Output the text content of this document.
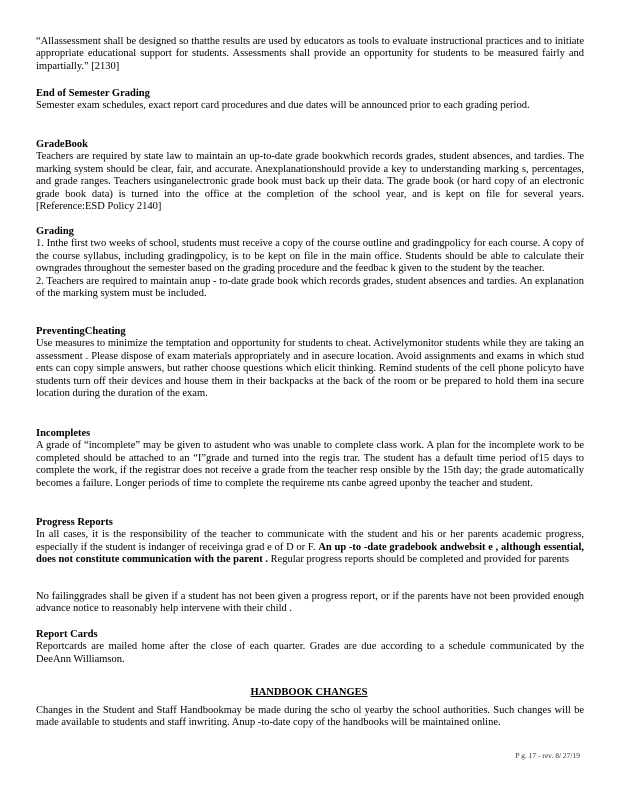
“Allassessment shall be designed so thatthe results are used by educators as tools to evaluate instructional practices and to initiate appropriate educational support for students. Assessments shall provide an opportunity for students to be measured fairly and impartially.” [2130]

End of Semester Grading

Semester exam schedules, exact report card procedures and due dates will be announced prior to each grading period.

GradeBook

Teachers are required by state law to maintain an up-to-date grade bookwhich records grades, student absences, and tardies. The marking system should be clear, fair, and accurate. Anexplanationshould provide a key to understanding marking s, percentages, and grade ranges. Teachers usinganelectronic grade book must back up their data. The grade book (or hard copy of an electronic grade book data) is turned into the office at the completion of the school year, and is kept on file for several years. [Reference:ESD Policy 2140]

Grading

1. Inthe first two weeks of school, students must receive a copy of the course outline and gradingpolicy for each course. A copy of the course syllabus, including gradingpolicy, is to be kept on file in the main office. Students should be able to calculate their owngrades throughout the semester based on the grading procedure and the feedbac k given to the student by the teacher.

2. Teachers are required to maintain anup - to-date grade book which records grades, student absences and tardies. An explanation of the marking system must be included.

PreventingCheating

Use measures to minimize the temptation and opportunity for students to cheat. Activelymonitor students while they are taking an assessment . Please dispose of exam materials appropriately and in asecure location. Avoid assignments and exams in which stud ents can copy simple answers, but rather choose questions which elicit thinking. Remind students of the cell phone policyto have students turn off their devices and house them in their backpacks at the back of the room or be prepared to hold them ina secure location during the duration of the exam.

Incompletes

A grade of “incomplete” may be given to astudent who was unable to complete class work. A plan for the incomplete work to be completed should be attached to an “I”grade and turned into the regis trar. The student has a default time period of15 days to complete the work, if the registrar does not receive a grade from the teacher resp onsible by the 15th day; the grade automatically becomes a failure. Longer periods of time to complete the requireme nts canbe agreed uponby the teacher and student.

Progress Reports

In all cases, it is the responsibility of the teacher to communicate with the student and his or her parents academic progress, especially if the student is indanger of receivinga grad e of D or F. An up -to -date gradebook andwebsit e , although essential, does not constitute communication with the parent . Regular progress reports should be completed and provided for parents

No failinggrades shall be given if a student has not been given a progress report, or if the parents have not been provided enough advance notice to reasonably help intervene with their child .

Report Cards

Reportcards are mailed home after the close of each quarter. Grades are due according to a schedule communicated by the DeeAnn Williamson.

HANDBOOK CHANGES

Changes in the Student and Staff Handbookmay be made during the scho ol yearby the school authorities. Such changes will be made available to students and staff inwriting. Anup -to-date copy of the handbooks will be maintained online.

P g. 17 - rev. 8/ 27/19
